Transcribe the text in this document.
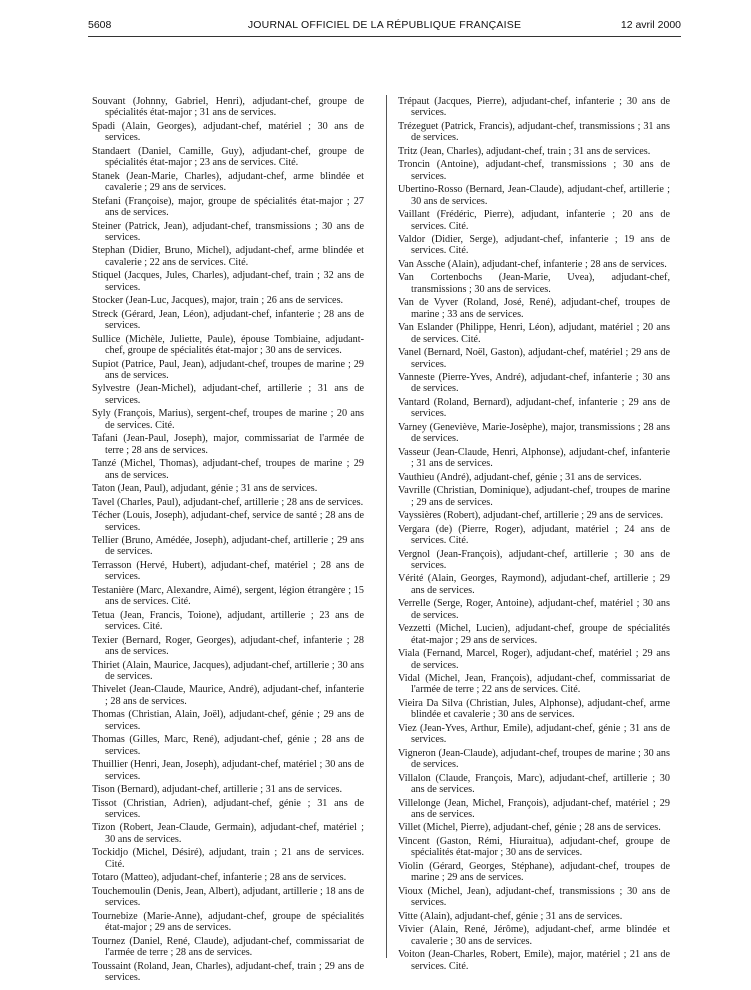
5608	JOURNAL OFFICIEL DE LA RÉPUBLIQUE FRANÇAISE	12 avril 2000

Souvant (Johnny, Gabriel, Henri), adjudant-chef, groupe de spécialités état-major ; 31 ans de services.

Spadi (Alain, Georges), adjudant-chef, matériel ; 30 ans de services.

Standaert (Daniel, Camille, Guy), adjudant-chef, groupe de spécialités état-major ; 23 ans de services. Cité.

Stanek (Jean-Marie, Charles), adjudant-chef, arme blindée et cavalerie ; 29 ans de services.

Stefani (Françoise), major, groupe de spécialités état-major ; 27 ans de services.

Steiner (Patrick, Jean), adjudant-chef, transmissions ; 30 ans de services.

Stephan (Didier, Bruno, Michel), adjudant-chef, arme blindée et cavalerie ; 22 ans de services. Cité.

Stiquel (Jacques, Jules, Charles), adjudant-chef, train ; 32 ans de services.

Stocker (Jean-Luc, Jacques), major, train ; 26 ans de services.

Streck (Gérard, Jean, Léon), adjudant-chef, infanterie ; 28 ans de services.

Sullice (Michèle, Juliette, Paule), épouse Tombiaine, adjudant-chef, groupe de spécialités état-major ; 30 ans de services.

Supiot (Patrice, Paul, Jean), adjudant-chef, troupes de marine ; 29 ans de services.

Sylvestre (Jean-Michel), adjudant-chef, artillerie ; 31 ans de services.

Syly (François, Marius), sergent-chef, troupes de marine ; 20 ans de services. Cité.

Tafani (Jean-Paul, Joseph), major, commissariat de l'armée de terre ; 28 ans de services.

Tanzé (Michel, Thomas), adjudant-chef, troupes de marine ; 29 ans de services.

Taton (Jean, Paul), adjudant, génie ; 31 ans de services.

Tavel (Charles, Paul), adjudant-chef, artillerie ; 28 ans de services.

Técher (Louis, Joseph), adjudant-chef, service de santé ; 28 ans de services.

Tellier (Bruno, Amédée, Joseph), adjudant-chef, artillerie ; 29 ans de services.

Terrasson (Hervé, Hubert), adjudant-chef, matériel ; 28 ans de services.

Testanière (Marc, Alexandre, Aimé), sergent, légion étrangère ; 15 ans de services. Cité.

Tetua (Jean, Francis, Toione), adjudant, artillerie ; 23 ans de services. Cité.

Texier (Bernard, Roger, Georges), adjudant-chef, infanterie ; 28 ans de services.

Thiriet (Alain, Maurice, Jacques), adjudant-chef, artillerie ; 30 ans de services.

Thivelet (Jean-Claude, Maurice, André), adjudant-chef, infanterie ; 28 ans de services.

Thomas (Christian, Alain, Joël), adjudant-chef, génie ; 29 ans de services.

Thomas (Gilles, Marc, René), adjudant-chef, génie ; 28 ans de services.

Thuillier (Henri, Jean, Joseph), adjudant-chef, matériel ; 30 ans de services.

Tison (Bernard), adjudant-chef, artillerie ; 31 ans de services.

Tissot (Christian, Adrien), adjudant-chef, génie ; 31 ans de services.

Tizon (Robert, Jean-Claude, Germain), adjudant-chef, matériel ; 30 ans de services.

Tockidjo (Michel, Désiré), adjudant, train ; 21 ans de services. Cité.

Totaro (Matteo), adjudant-chef, infanterie ; 28 ans de services.

Touchemoulin (Denis, Jean, Albert), adjudant, artillerie ; 18 ans de services.

Tournebize (Marie-Anne), adjudant-chef, groupe de spécialités état-major ; 29 ans de services.

Tournez (Daniel, René, Claude), adjudant-chef, commissariat de l'armée de terre ; 28 ans de services.

Toussaint (Roland, Jean, Charles), adjudant-chef, train ; 29 ans de services.

Trépaut (Jacques, Pierre), adjudant-chef, infanterie ; 30 ans de services.

Trézeguet (Patrick, Francis), adjudant-chef, transmissions ; 31 ans de services.

Tritz (Jean, Charles), adjudant-chef, train ; 31 ans de services.

Troncin (Antoine), adjudant-chef, transmissions ; 30 ans de services.

Ubertino-Rosso (Bernard, Jean-Claude), adjudant-chef, artillerie ; 30 ans de services.

Vaillant (Frédéric, Pierre), adjudant, infanterie ; 20 ans de services. Cité.

Valdor (Didier, Serge), adjudant-chef, infanterie ; 19 ans de services. Cité.

Van Assche (Alain), adjudant-chef, infanterie ; 28 ans de services.

Van Cortenbochs (Jean-Marie, Uvea), adjudant-chef, transmissions ; 30 ans de services.

Van de Vyver (Roland, José, René), adjudant-chef, troupes de marine ; 33 ans de services.

Van Eslander (Philippe, Henri, Léon), adjudant, matériel ; 20 ans de services. Cité.

Vanel (Bernard, Noël, Gaston), adjudant-chef, matériel ; 29 ans de services.

Vanneste (Pierre-Yves, André), adjudant-chef, infanterie ; 30 ans de services.

Vantard (Roland, Bernard), adjudant-chef, infanterie ; 29 ans de services.

Varney (Geneviève, Marie-Josèphe), major, transmissions ; 28 ans de services.

Vasseur (Jean-Claude, Henri, Alphonse), adjudant-chef, infanterie ; 31 ans de services.

Vauthieu (André), adjudant-chef, génie ; 31 ans de services.

Vavrille (Christian, Dominique), adjudant-chef, troupes de marine ; 29 ans de services.

Vayssières (Robert), adjudant-chef, artillerie ; 29 ans de services.

Vergara (de) (Pierre, Roger), adjudant, matériel ; 24 ans de services. Cité.

Vergnol (Jean-François), adjudant-chef, artillerie ; 30 ans de services.

Vérité (Alain, Georges, Raymond), adjudant-chef, artillerie ; 29 ans de services.

Verrelle (Serge, Roger, Antoine), adjudant-chef, matériel ; 30 ans de services.

Vezzetti (Michel, Lucien), adjudant-chef, groupe de spécialités état-major ; 29 ans de services.

Viala (Fernand, Marcel, Roger), adjudant-chef, matériel ; 29 ans de services.

Vidal (Michel, Jean, François), adjudant-chef, commissariat de l'armée de terre ; 22 ans de services. Cité.

Vieira Da Silva (Christian, Jules, Alphonse), adjudant-chef, arme blindée et cavalerie ; 30 ans de services.

Viez (Jean-Yves, Arthur, Emile), adjudant-chef, génie ; 31 ans de services.

Vigneron (Jean-Claude), adjudant-chef, troupes de marine ; 30 ans de services.

Villalon (Claude, François, Marc), adjudant-chef, artillerie ; 30 ans de services.

Villelonge (Jean, Michel, François), adjudant-chef, matériel ; 29 ans de services.

Villet (Michel, Pierre), adjudant-chef, génie ; 28 ans de services.

Vincent (Gaston, Rémi, Hiuraitua), adjudant-chef, groupe de spécialités état-major ; 30 ans de services.

Violin (Gérard, Georges, Stéphane), adjudant-chef, troupes de marine ; 29 ans de services.

Vioux (Michel, Jean), adjudant-chef, transmissions ; 30 ans de services.

Vitte (Alain), adjudant-chef, génie ; 31 ans de services.

Vivier (Alain, René, Jérôme), adjudant-chef, arme blindée et cavalerie ; 30 ans de services.

Voiton (Jean-Charles, Robert, Emile), major, matériel ; 21 ans de services. Cité.
